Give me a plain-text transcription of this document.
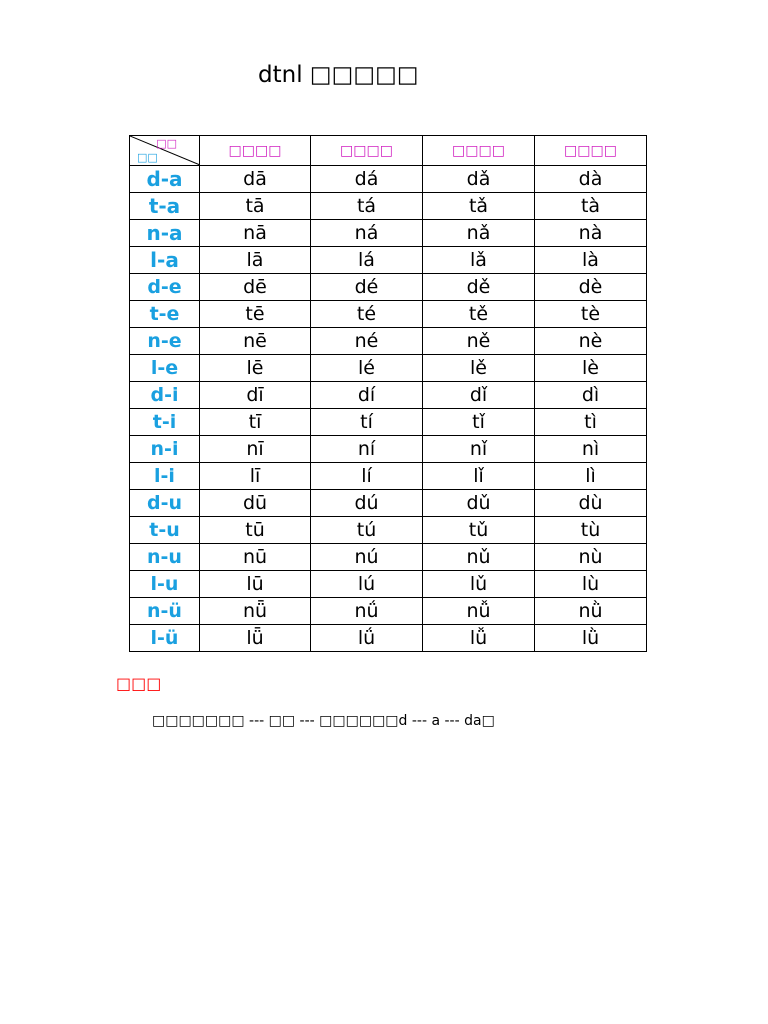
dtnl □□□□□
□□
□□	□□□□	□□□□	□□□□	□□□□
d-a	dā	dá	dǎ	dà
t-a	tā	tá	tǎ	tà
n-a	nā	ná	nǎ	nà
l-a	lā	lá	lǎ	là
d-e	dē	dé	dě	dè
t-e	tē	té	tě	tè
n-e	nē	né	ně	nè
l-e	lē	lé	lě	lè
d-i	dī	dí	dǐ	dì
t-i	tī	tí	tǐ	tì
n-i	nī	ní	nǐ	nì
l-i	lī	lí	lǐ	lì
d-u	dū	dú	dǔ	dù
t-u	tū	tú	tǔ	tù
n-u	nū	nú	nǔ	nù
l-u	lū	lú	lǔ	lù
n-ü	nǖ	nǘ	nǚ	nǜ
l-ü	lǖ	lǘ	lǚ	lǜ
□□□
□□□□□□□ --- □□ --- □□□□□□d --- a --- da□
